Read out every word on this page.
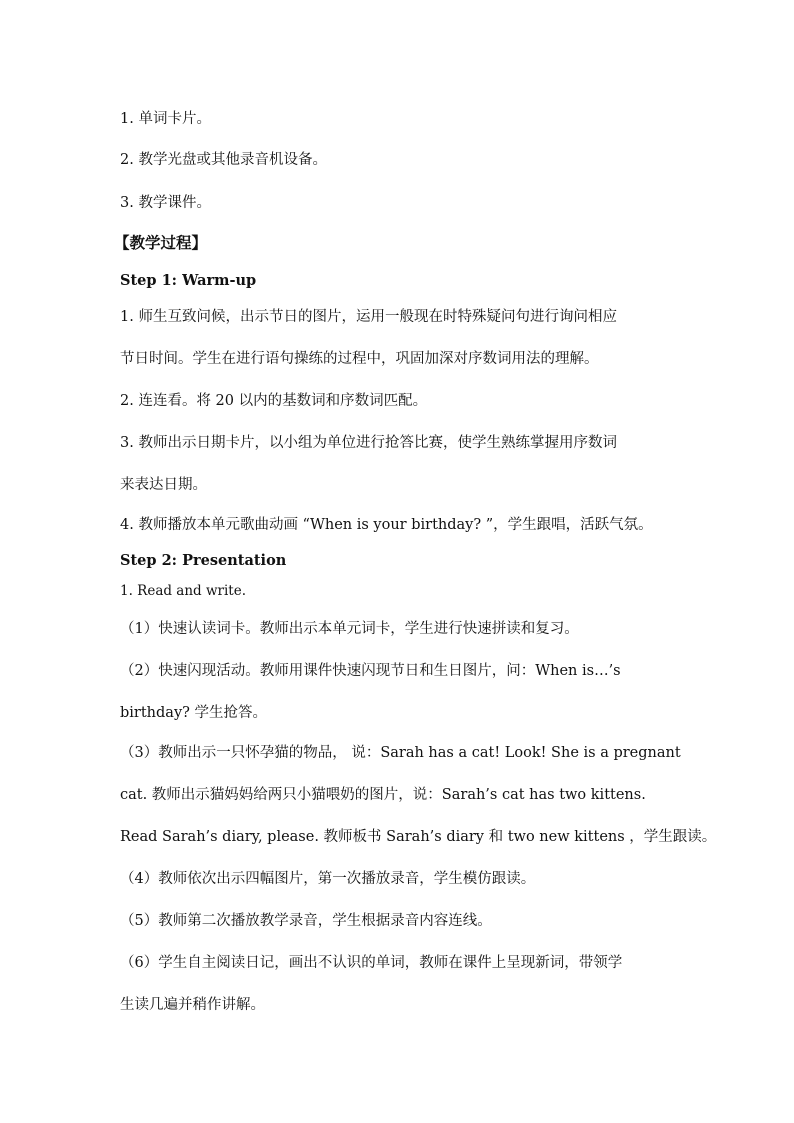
1. 单词卡片。
2. 教学光盘或其他录音机设备。
3. 教学课件。
【教学过程】
Step 1: Warm-up
1. 师生互致问候，出示节日的图片，运用一般现在时特殊疑问句进行询问相应
节日时间。学生在进行语句操练的过程中，巩固加深对序数词用法的理解。
2. 连连看。将 20 以内的基数词和序数词匹配。
3. 教师出示日期卡片，以小组为单位进行抢答比赛，使学生熟练掌握用序数词
来表达日期。
4. 教师播放本单元歌曲动画 “When is your birthday? ”，学生跟唱，活跃气氛。
Step 2: Presentation
1. Read and write.
（1）快速认读词卡。教师出示本单元词卡，学生进行快速拼读和复习。
（2）快速闪现活动。教师用课件快速闪现节日和生日图片，问：When is…’s
birthday? 学生抢答。
（3）教师出示一只怀孕猫的物品， 说：Sarah has a cat! Look! She is a pregnant
cat. 教师出示猫妈妈给两只小猫喂奶的图片，说：Sarah’s cat has two kittens.
Read Sarah’s diary, please. 教师板书 Sarah’s diary 和 two new kittens ，学生跟读。
（4）教师依次出示四幅图片，第一次播放录音，学生模仿跟读。
（5）教师第二次播放教学录音，学生根据录音内容连线。
（6）学生自主阅读日记，画出不认识的单词，教师在课件上呈现新词，带领学
生读几遍并稍作讲解。
